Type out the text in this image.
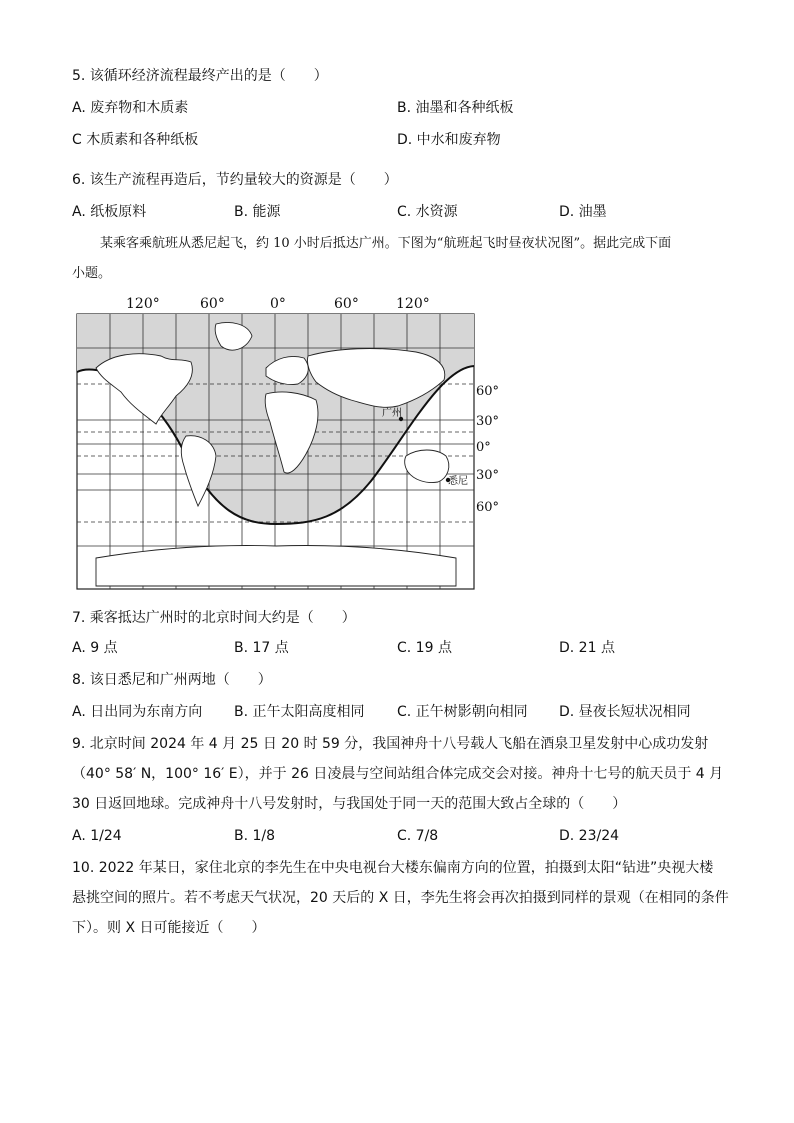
5. 该循环经济流程最终产出的是（　　）
A. 废弃物和木质素	B. 油墨和各种纸板
C 木质素和各种纸板	D. 中水和废弃物
6. 该生产流程再造后，节约量较大的资源是（　　）
A. 纸板原料	B. 能源	C. 水资源	D. 油墨
某乘客乘航班从悉尼起飞，约 10 小时后抵达广州。下图为“航班起飞时昼夜状况图”。据此完成下面
小题。
120°	60°	0°	60°	120°
广州
悉尼
60°
30°
0°
30°
60°
7. 乘客抵达广州时的北京时间大约是（　　）
A. 9 点	B. 17 点	C. 19 点	D. 21 点
8. 该日悉尼和广州两地（　　）
A. 日出同为东南方向 B. 正午太阳高度相同 C. 正午树影朝向相同 D. 昼夜长短状况相同
9. 北京时间 2024 年 4 月 25 日 20 时 59 分，我国神舟十八号载人飞船在酒泉卫星发射中心成功发射
（40° 58′ N，100° 16′ E），并于 26 日凌晨与空间站组合体完成交会对接。神舟十七号的航天员于 4 月
30 日返回地球。完成神舟十八号发射时，与我国处于同一天的范围大致占全球的（　　）
A. 1/24	B. 1/8	C. 7/8	D. 23/24
10. 2022 年某日，家住北京的李先生在中央电视台大楼东偏南方向的位置，拍摄到太阳“钻进”央视大楼
悬挑空间的照片。若不考虑天气状况，20 天后的 X 日，李先生将会再次拍摄到同样的景观（在相同的条件
下）。则 X 日可能接近（　　）
